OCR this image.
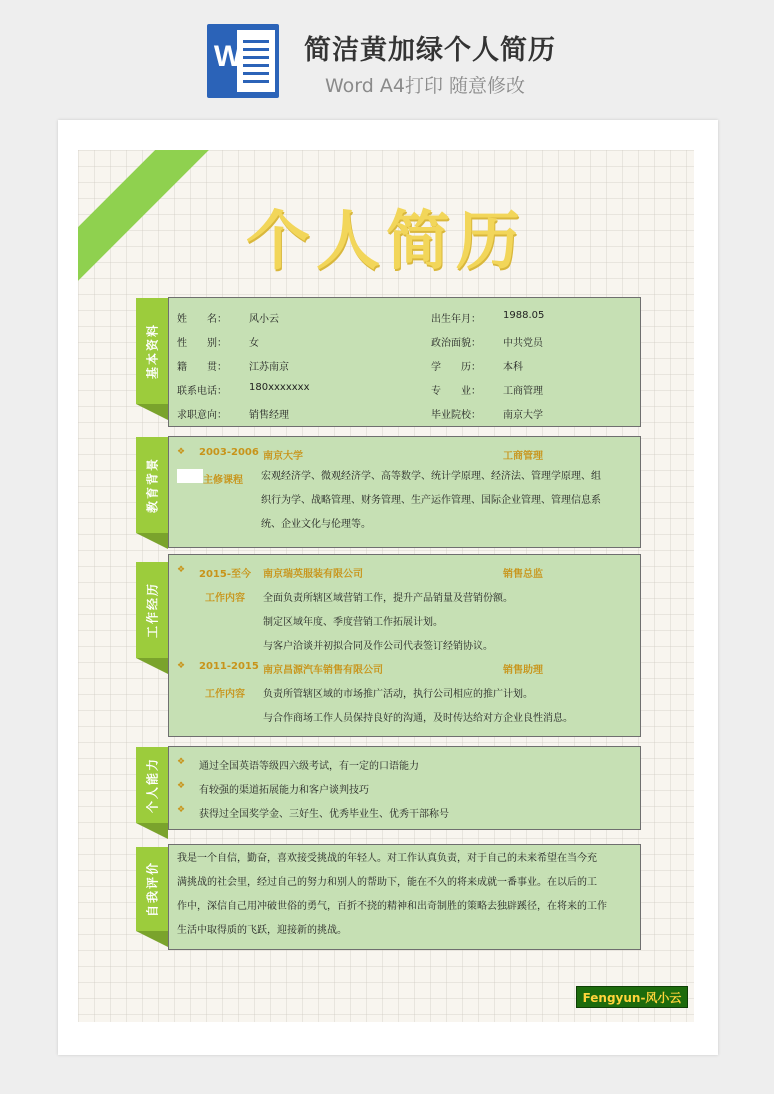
W 简洁黄加绿个人简历
Word A4打印 随意修改
个人简历
基本资料
姓　　名： 风小云	出生年月： 1988.05
性　　别： 女	政治面貌： 中共党员
籍　　贯： 江苏南京	学　　历： 本科
联系电话： 180xxxxxxx	专　　业： 工商管理
求职意向： 销售经理	毕业院校： 南京大学
教育背景
❖ 2003-2006 南京大学	工商管理
主修课程 宏观经济学、微观经济学、高等数学、统计学原理、经济法、管理学原理、组
织行为学、战略管理、财务管理、生产运作管理、国际企业管理、管理信息系
统、企业文化与伦理等。
工作经历
❖ 2015-至今 南京瑞英服装有限公司	销售总监
工作内容 全面负责所辖区域营销工作，提升产品销量及营销份额。
制定区域年度、季度营销工作拓展计划。
与客户洽谈并初拟合同及作公司代表签订经销协议。
❖ 2011-2015 南京昌源汽车销售有限公司	销售助理
工作内容 负责所管辖区域的市场推广活动，执行公司相应的推广计划。
与合作商场工作人员保持良好的沟通，及时传达给对方企业良性消息。
个人能力 ❖ 通过全国英语等级四六级考试，有一定的口语能力
❖ 有较强的渠道拓展能力和客户谈判技巧
❖ 获得过全国奖学金、三好生、优秀毕业生、优秀干部称号
自我评价
我是一个自信，勤奋，喜欢接受挑战的年轻人。对工作认真负责，对于自己的未来希望在当今充
满挑战的社会里，经过自己的努力和别人的帮助下，能在不久的将来成就一番事业。在以后的工
作中，深信自己用冲破世俗的勇气，百折不挠的精神和出奇制胜的策略去独辟蹊径，在将来的工作
生活中取得质的飞跃，迎接新的挑战。
Fengyun-风小云
